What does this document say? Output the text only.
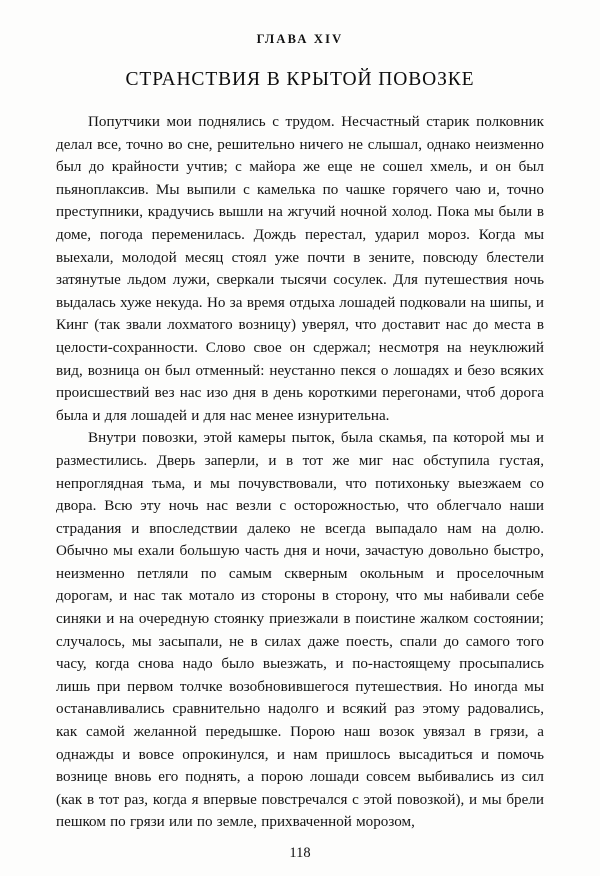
ГЛАВА XIV
СТРАНСТВИЯ В КРЫТОЙ ПОВОЗКЕ

Попутчики мои поднялись с трудом. Несчастный старик полковник делал все, точно во сне, решительно ничего не слышал, однако неизменно был до крайности учтив; с майора же еще не сошел хмель, и он был пьяноплаксив. Мы выпили с камелька по чашке горячего чаю и, точно преступники, крадучись вышли на жгучий ночной холод. Пока мы были в доме, погода переменилась. Дождь перестал, ударил мороз. Когда мы выехали, молодой месяц стоял уже почти в зените, повсюду блестели затянутые льдом лужи, сверкали тысячи сосулек. Для путешествия ночь выдалась хуже некуда. Но за время отдыха лошадей подковали на шипы, и Кинг (так звали лохматого возницу) уверял, что доставит нас до места в целости-сохранности. Слово свое он сдержал; несмотря на неуклюжий вид, возница он был отменный: неустанно пекся о лошадях и безо всяких происшествий вез нас изо дня в день короткими перегонами, чтоб дорога была и для лошадей и для нас менее изнурительна.

Внутри повозки, этой камеры пыток, была скамья, па которой мы и разместились. Дверь заперли, и в тот же миг нас обступила густая, непроглядная тьма, и мы почувствовали, что потихоньку выезжаем со двора. Всю эту ночь нас везли с осторожностью, что облегчало наши страдания и впоследствии далеко не всегда выпадало нам на долю. Обычно мы ехали большую часть дня и ночи, зачастую довольно быстро, неизменно петляли по самым скверным окольным и проселочным дорогам, и нас так мотало из стороны в сторону, что мы набивали себе синяки и на очередную стоянку приезжали в поистине жалком состоянии; случалось, мы засыпали, не в силах даже поесть, спали до самого того часу, когда снова надо было выезжать, и по-настоящему просыпались лишь при первом толчке возобновившегося путешествия. Но иногда мы останавливались сравнительно надолго и всякий раз этому радовались, как самой желанной передышке. Порою наш возок увязал в грязи, а однажды и вовсе опрокинулся, и нам пришлось высадиться и помочь вознице вновь его поднять, а порою лошади совсем выбивались из сил (как в тот раз, когда я впервые повстречался с этой повозкой), и мы брели пешком по грязи или по земле, прихваченной морозом,

118
